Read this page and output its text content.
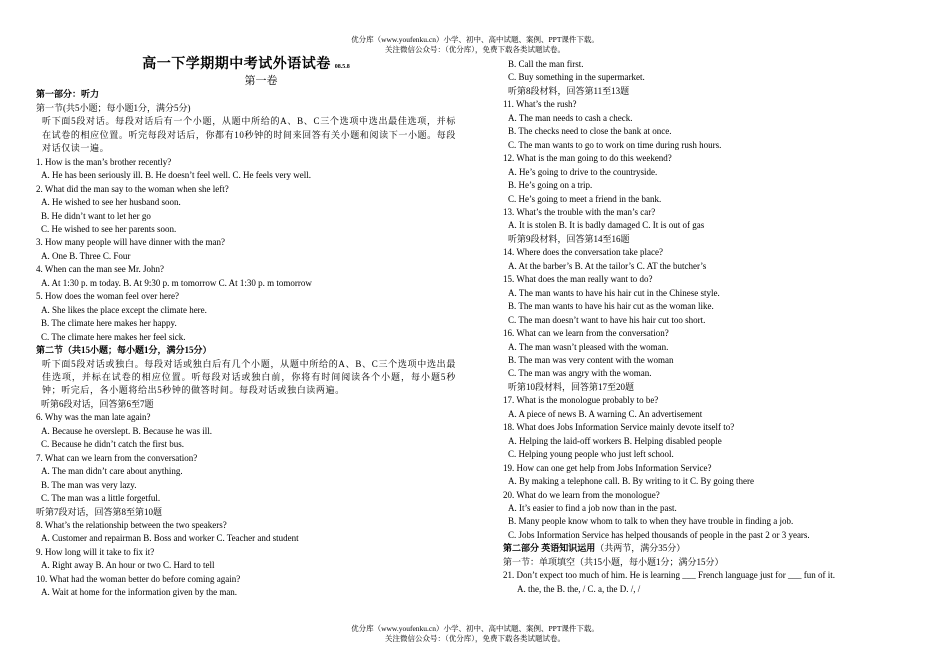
优分库（www.youfenku.cn）小学、初中、高中试题、案例、PPT课件下载。
关注微信公众号：（优分库），免费下载各类试题试卷。
高一下学期期中考试外语试卷 08.5.8
第一卷
第一部分：听力
第一节(共5小题；每小题1分，满分5分)
听下面5段对话。每段对话后有一个小题，从题中所给的A、B、C三个选项中选出最佳选项，并标在试卷的相应位置。听完每段对话后，你都有10秒钟的时间来回答有关小题和阅读下一小题。每段对话仅读一遍。
1. How is the man’s brother recently?
A. He has been seriously ill. B. He doesn’t feel well. C. He feels very well.
2. What did the man say to the woman when she left?
A. He wished to see her husband soon.
B. He didn’t want to let her go
C. He wished to see her parents soon.
3. How many people will have dinner with the man?
A. One B. Three C. Four
4. When can the man see Mr. John?
A. At 1:30 p. m today. B. At 9:30 p. m tomorrow C. At 1:30 p. m tomorrow
5. How does the woman feel over here?
A. She likes the place except the climate here.
B. The climate here makes her happy.
C. The climate here makes her feel sick.
第二节（共15小题；每小题1分，满分15分）
听下面5段对话或独白。每段对话或独白后有几个小题，从题中所给的A、B、C三个选项中选出最佳选项，并标在试卷的相应位置。听每段对话或独白前，你将有时间阅读各个小题，每小题5秒钟；听完后，各小题将给出5秒钟的做答时间。每段对话或独白读两遍。
听第6段对话，回答第6至7题
6. Why was the man late again?
A. Because he overslept. B. Because he was ill.
C. Because he didn’t catch the first bus.
7. What can we learn from the conversation?
A. The man didn’t care about anything.
B. The man was very lazy.
C. The man was a little forgetful.
听第7段对话，回答第8至第10题
8. What’s the relationship between the two speakers?
A. Customer and repairman B. Boss and worker C. Teacher and student
9. How long will it take to fix it?
A. Right away B. An hour or two C. Hard to tell
10. What had the woman better do before coming again?
A. Wait at home for the information given by the man.
B. Call the man first.
C. Buy something in the supermarket.
听第8段材料，回答第11至13题
11. What’s the rush?
A. The man needs to cash a check.
B. The checks need to close the bank at once.
C. The man wants to go to work on time during rush hours.
12. What is the man going to do this weekend?
A. He’s going to drive to the countryside.
B. He’s going on a trip.
C. He’s going to meet a friend in the bank.
13. What’s the trouble with the man’s car?
A. It is stolen B. It is badly damaged C. It is out of gas
听第9段材料，回答第14至16题
14. Where does the conversation take place?
A. At the barber’s B. At the tailor’s C. AT the butcher’s
15. What does the man really want to do?
A. The man wants to have his hair cut in the Chinese style.
B. The man wants to have his hair cut as the woman like.
C. The man doesn’t want to have his hair cut too short.
16. What can we learn from the conversation?
A. The man wasn’t pleased with the woman.
B. The man was very content with the woman
C. The man was angry with the woman.
听第10段材料，回答第17至20题
17. What is the monologue probably to be?
A. A piece of news B. A warning C. An advertisement
18. What does Jobs Information Service mainly devote itself to?
A. Helping the laid-off workers B. Helping disabled people
C. Helping young people who just left school.
19. How can one get help from Jobs Information Service?
A. By making a telephone call. B. By writing to it C. By going there
20. What do we learn from the monologue?
A. It’s easier to find a job now than in the past.
B. Many people know whom to talk to when they have trouble in finding a job.
C. Jobs Information Service has helped thousands of people in the past 2 or 3 years.
第二部分 英语知识运用（共两节，满分35分）
第一节：单项填空（共15小题，每小题1分；满分15分）
21. Don’t expect too much of him. He is learning ___ French language just for ___ fun of it.
A. the, the B. the, / C. a, the D. /, /
优分库（www.youfenku.cn）小学、初中、高中试题、案例、PPT课件下载。
关注微信公众号：（优分库），免费下载各类试题试卷。
